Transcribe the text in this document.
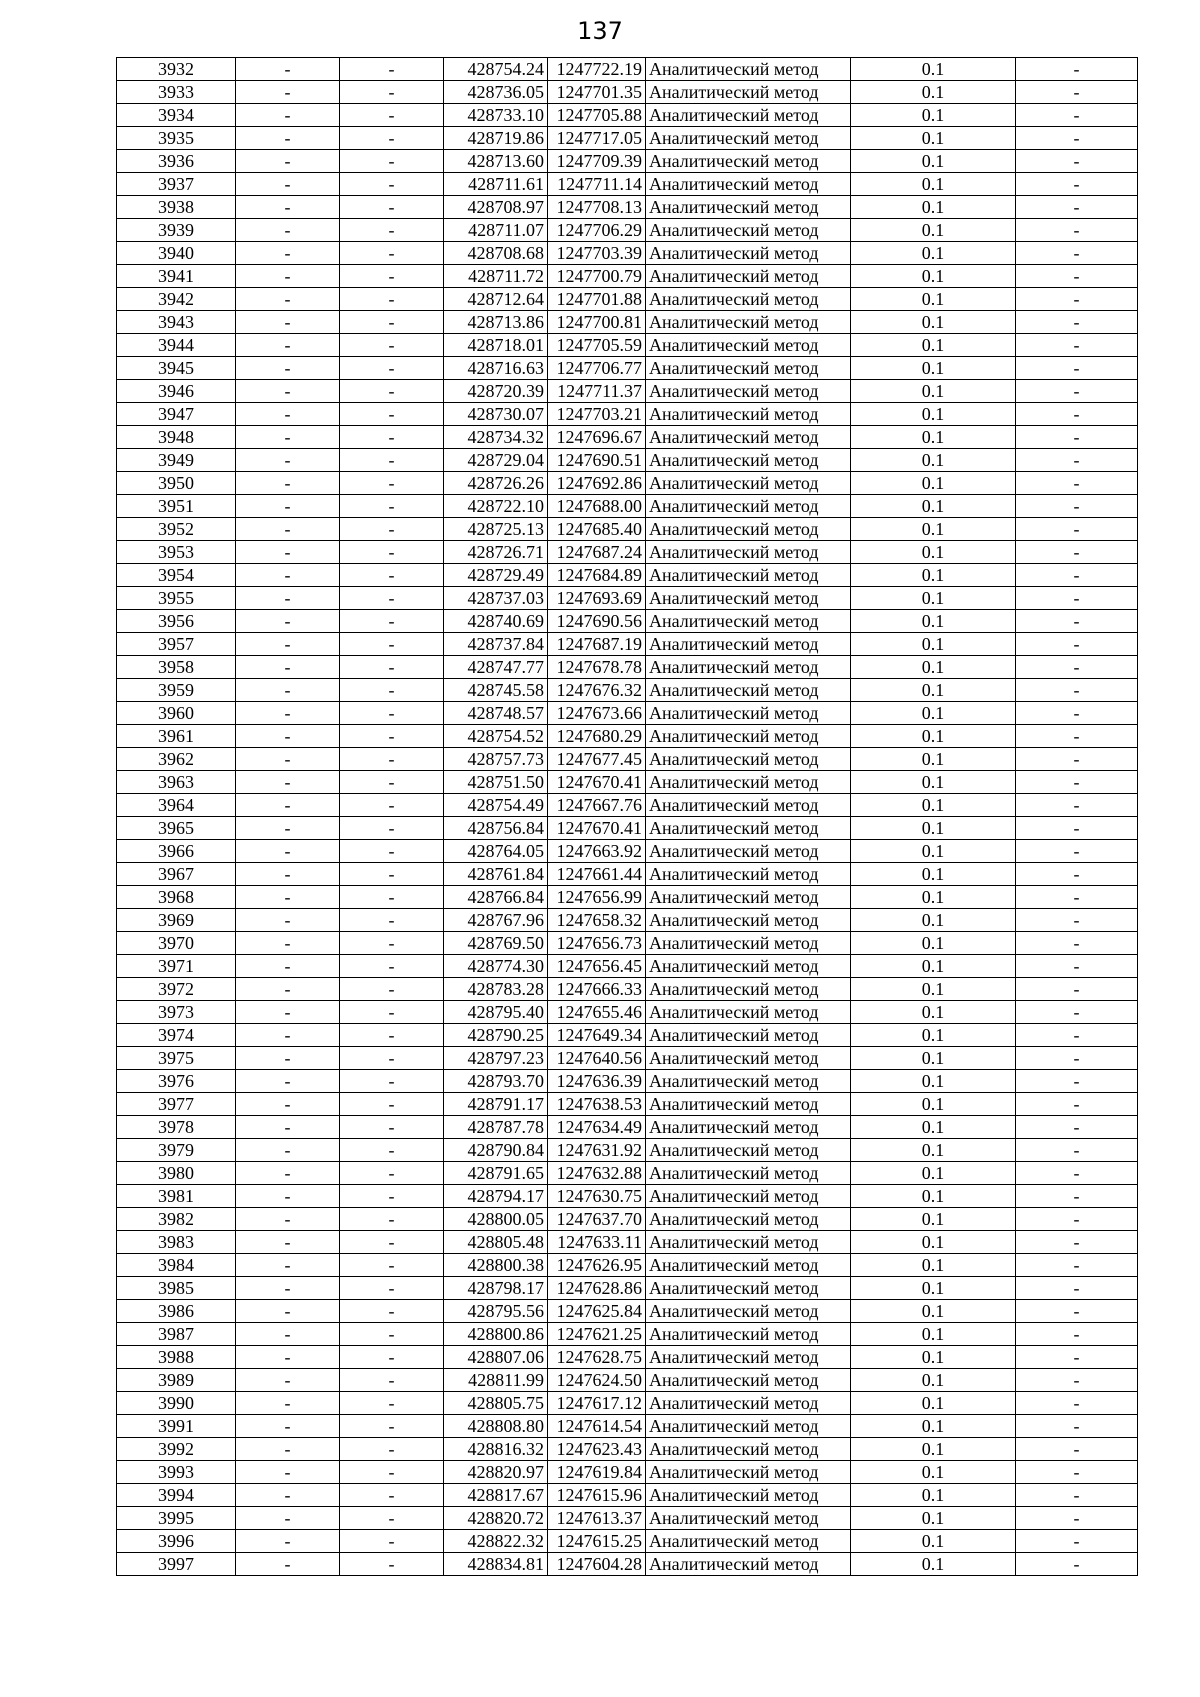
137
3932	-	-	428754.24	1247722.19	Аналитический метод	0.1	-
3933	-	-	428736.05	1247701.35	Аналитический метод	0.1	-
3934	-	-	428733.10	1247705.88	Аналитический метод	0.1	-
3935	-	-	428719.86	1247717.05	Аналитический метод	0.1	-
3936	-	-	428713.60	1247709.39	Аналитический метод	0.1	-
3937	-	-	428711.61	1247711.14	Аналитический метод	0.1	-
3938	-	-	428708.97	1247708.13	Аналитический метод	0.1	-
3939	-	-	428711.07	1247706.29	Аналитический метод	0.1	-
3940	-	-	428708.68	1247703.39	Аналитический метод	0.1	-
3941	-	-	428711.72	1247700.79	Аналитический метод	0.1	-
3942	-	-	428712.64	1247701.88	Аналитический метод	0.1	-
3943	-	-	428713.86	1247700.81	Аналитический метод	0.1	-
3944	-	-	428718.01	1247705.59	Аналитический метод	0.1	-
3945	-	-	428716.63	1247706.77	Аналитический метод	0.1	-
3946	-	-	428720.39	1247711.37	Аналитический метод	0.1	-
3947	-	-	428730.07	1247703.21	Аналитический метод	0.1	-
3948	-	-	428734.32	1247696.67	Аналитический метод	0.1	-
3949	-	-	428729.04	1247690.51	Аналитический метод	0.1	-
3950	-	-	428726.26	1247692.86	Аналитический метод	0.1	-
3951	-	-	428722.10	1247688.00	Аналитический метод	0.1	-
3952	-	-	428725.13	1247685.40	Аналитический метод	0.1	-
3953	-	-	428726.71	1247687.24	Аналитический метод	0.1	-
3954	-	-	428729.49	1247684.89	Аналитический метод	0.1	-
3955	-	-	428737.03	1247693.69	Аналитический метод	0.1	-
3956	-	-	428740.69	1247690.56	Аналитический метод	0.1	-
3957	-	-	428737.84	1247687.19	Аналитический метод	0.1	-
3958	-	-	428747.77	1247678.78	Аналитический метод	0.1	-
3959	-	-	428745.58	1247676.32	Аналитический метод	0.1	-
3960	-	-	428748.57	1247673.66	Аналитический метод	0.1	-
3961	-	-	428754.52	1247680.29	Аналитический метод	0.1	-
3962	-	-	428757.73	1247677.45	Аналитический метод	0.1	-
3963	-	-	428751.50	1247670.41	Аналитический метод	0.1	-
3964	-	-	428754.49	1247667.76	Аналитический метод	0.1	-
3965	-	-	428756.84	1247670.41	Аналитический метод	0.1	-
3966	-	-	428764.05	1247663.92	Аналитический метод	0.1	-
3967	-	-	428761.84	1247661.44	Аналитический метод	0.1	-
3968	-	-	428766.84	1247656.99	Аналитический метод	0.1	-
3969	-	-	428767.96	1247658.32	Аналитический метод	0.1	-
3970	-	-	428769.50	1247656.73	Аналитический метод	0.1	-
3971	-	-	428774.30	1247656.45	Аналитический метод	0.1	-
3972	-	-	428783.28	1247666.33	Аналитический метод	0.1	-
3973	-	-	428795.40	1247655.46	Аналитический метод	0.1	-
3974	-	-	428790.25	1247649.34	Аналитический метод	0.1	-
3975	-	-	428797.23	1247640.56	Аналитический метод	0.1	-
3976	-	-	428793.70	1247636.39	Аналитический метод	0.1	-
3977	-	-	428791.17	1247638.53	Аналитический метод	0.1	-
3978	-	-	428787.78	1247634.49	Аналитический метод	0.1	-
3979	-	-	428790.84	1247631.92	Аналитический метод	0.1	-
3980	-	-	428791.65	1247632.88	Аналитический метод	0.1	-
3981	-	-	428794.17	1247630.75	Аналитический метод	0.1	-
3982	-	-	428800.05	1247637.70	Аналитический метод	0.1	-
3983	-	-	428805.48	1247633.11	Аналитический метод	0.1	-
3984	-	-	428800.38	1247626.95	Аналитический метод	0.1	-
3985	-	-	428798.17	1247628.86	Аналитический метод	0.1	-
3986	-	-	428795.56	1247625.84	Аналитический метод	0.1	-
3987	-	-	428800.86	1247621.25	Аналитический метод	0.1	-
3988	-	-	428807.06	1247628.75	Аналитический метод	0.1	-
3989	-	-	428811.99	1247624.50	Аналитический метод	0.1	-
3990	-	-	428805.75	1247617.12	Аналитический метод	0.1	-
3991	-	-	428808.80	1247614.54	Аналитический метод	0.1	-
3992	-	-	428816.32	1247623.43	Аналитический метод	0.1	-
3993	-	-	428820.97	1247619.84	Аналитический метод	0.1	-
3994	-	-	428817.67	1247615.96	Аналитический метод	0.1	-
3995	-	-	428820.72	1247613.37	Аналитический метод	0.1	-
3996	-	-	428822.32	1247615.25	Аналитический метод	0.1	-
3997	-	-	428834.81	1247604.28	Аналитический метод	0.1	-
